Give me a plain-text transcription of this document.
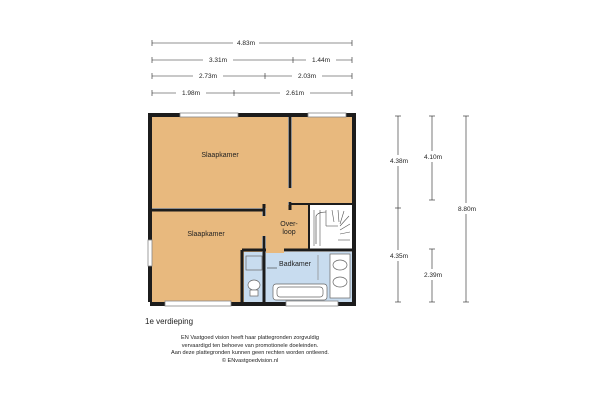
4.83m
3.31m	1.44m
2.73m	2.03m
1.98m	2.61m
4.38m
4.10m
8.80m
4.35m
2.39m
Slaapkamer
Slaapkamer
Over-
loop
Badkamer
1e verdieping
EN Vastgoed vision heeft haar plattegronden zorgvuldig
vervaardigd ten behoeve van promotionele doeleinden.
Aan deze plattegronden kunnen geen rechten worden ontleend.
© ENvastgoedvision.nl
